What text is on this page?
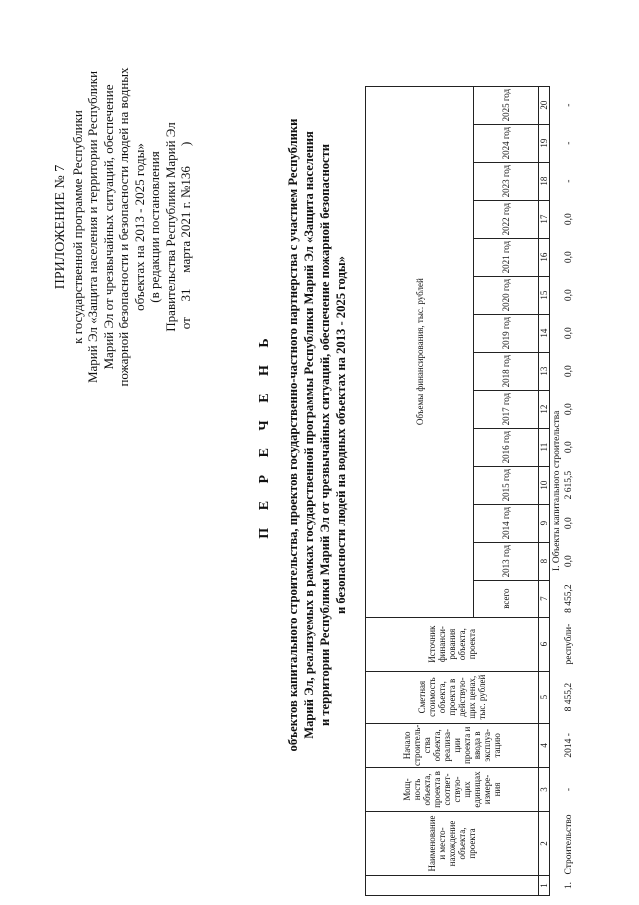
ПРИЛОЖЕНИЕ № 7 к государственной программе Республики Марий Эл «Защита населения и территории Республики Марий Эл от чрезвычайных ситуаций, обеспечение пожарной безопасности и безопасности людей на водных объектах на 2013 - 2025 годы» (в редакции постановления Правительства Республики Марий Эл от 31 марта 2021 г. №136 )
П Е Р Е Ч Е Н Ь объектов капитального строительства, проектов государственно-частного партнерства с участием Республики Марий Эл, реализуемых в рамках государственной программы Республики Марий Эл «Защита населения и территории Республики Марий Эл от чрезвычайных ситуаций, обеспечение пожарной безопасности и безопасности людей на водных объектах на 2013 - 2025 годы»
	Наименование и место-нахождение объекта, проекта	Мощ-ность объекта, проекта в соответ-ствую-щих единицах измере-ния	Начало строитель-ства объекта, реализа-ции проекта и ввода в эксплуа-тацию	Сметная стоимость объекта, проекта в действую-щих ценах, тыс. рублей	Источник финанси-рования объекта, проекта	Объемы финансирования, тыс. рублей													
						всего	2013 год	2014 год	2015 год	2016 год	2017 год	2018 год	2019 год	2020 год	2021 год	2022 год	2023 год	2024 год	2025 год
1	2	3	4	5	6	7	8	9	10	11	12	13	14	15	16	17	18	19	20
I. Объекты капитального строительства																			
1.	Строительство	-	2014 -	8 455,2	республи-	8 455,2	0,0	0,0	2 615,5	0,0	0,0	0,0	0,0	0,0	0,0	0,0	-	-	-
